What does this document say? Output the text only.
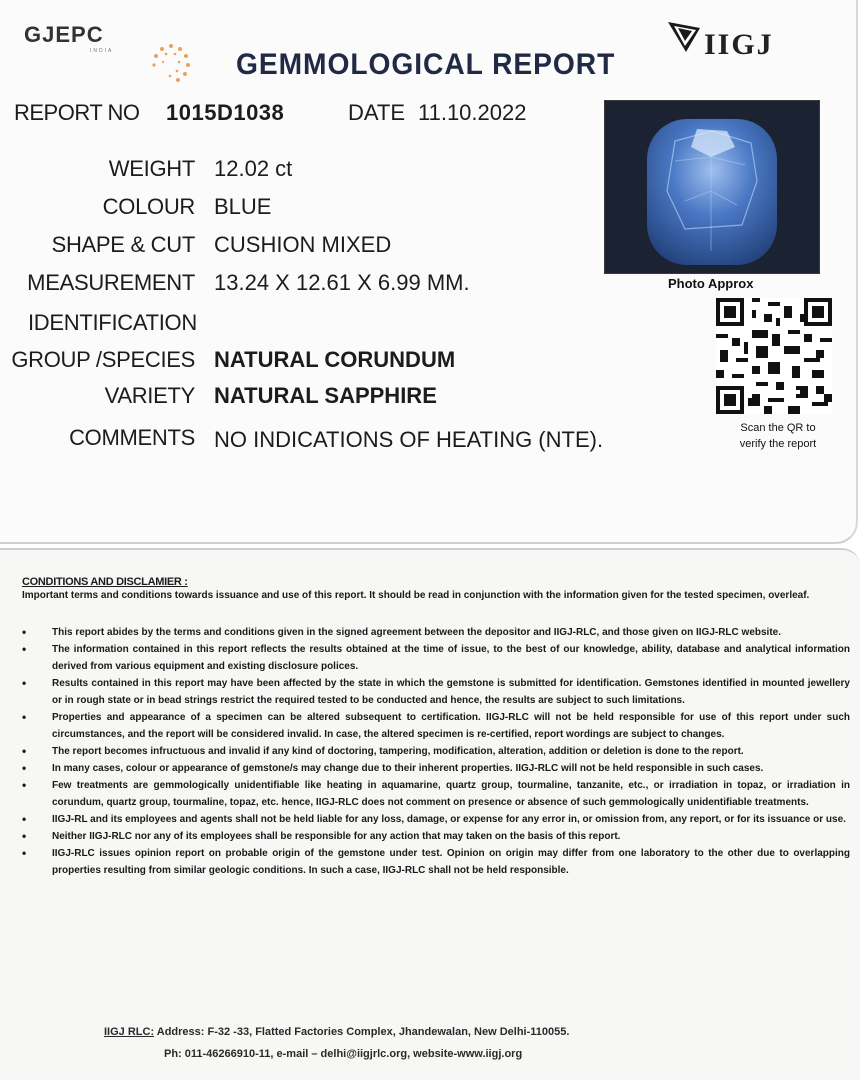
GJEPC
INDIA	IIGJ
GEMMOLOGICAL REPORT
REPORT NO 1015D1038	DATE 11.10.2022
WEIGHT 12.02 ct
COLOUR BLUE
SHAPE & CUT CUSHION MIXED
MEASUREMENT 13.24 X 12.61 X 6.99 MM.
IDENTIFICATION
GROUP /SPECIES NATURAL CORUNDUM
VARIETY NATURAL SAPPHIRE
COMMENTS NO INDICATIONS OF HEATING (NTE).
Photo Approx
Scan the QR to
verify the report
CONDITIONS AND DISCLAMIER :
Important terms and conditions towards issuance and use of this report. It should be read in conjunction with the information given for the tested specimen, overleaf.
• This report abides by the terms and conditions given in the signed agreement between the depositor and IIGJ-RLC, and those given on IIGJ-RLC website.
• The information contained in this report reflects the results obtained at the time of issue, to the best of our knowledge, ability, database and analytical information derived from various equipment and existing disclosure polices.
• Results contained in this report may have been affected by the state in which the gemstone is submitted for identification. Gemstones identified in mounted jewellery or in rough state or in bead strings restrict the required tested to be conducted and hence, the results are subject to such limitations.
• Properties and appearance of a specimen can be altered subsequent to certification. IIGJ-RLC will not be held responsible for use of this report under such circumstances, and the report will be considered invalid. In case, the altered specimen is re-certified, report wordings are subject to changes.
• The report becomes infructuous and invalid if any kind of doctoring, tampering, modification, alteration, addition or deletion is done to the report.
• In many cases, colour or appearance of gemstone/s may change due to their inherent properties. IIGJ-RLC will not be held responsible in such cases.
• Few treatments are gemmologically unidentifiable like heating in aquamarine, quartz group, tourmaline, tanzanite, etc., or irradiation in topaz, or irradiation in corundum, quartz group, tourmaline, topaz, etc. hence, IIGJ-RLC does not comment on presence or absence of such gemmologically unidentifiable treatments.
• IIGJ-RL and its employees and agents shall not be held liable for any loss, damage, or expense for any error in, or omission from, any report, or for its issuance or use.
• Neither IIGJ-RLC nor any of its employees shall be responsible for any action that may taken on the basis of this report.
• IIGJ-RLC issues opinion report on probable origin of the gemstone under test. Opinion on origin may differ from one laboratory to the other due to overlapping properties resulting from similar geologic conditions. In such a case, IIGJ-RLC shall not be held responsible.
IIGJ RLC: Address: F-32 -33, Flatted Factories Complex, Jhandewalan, New Delhi-110055.
Ph: 011-46266910-11, e-mail – delhi@iigjrlc.org, website-www.iigj.org
